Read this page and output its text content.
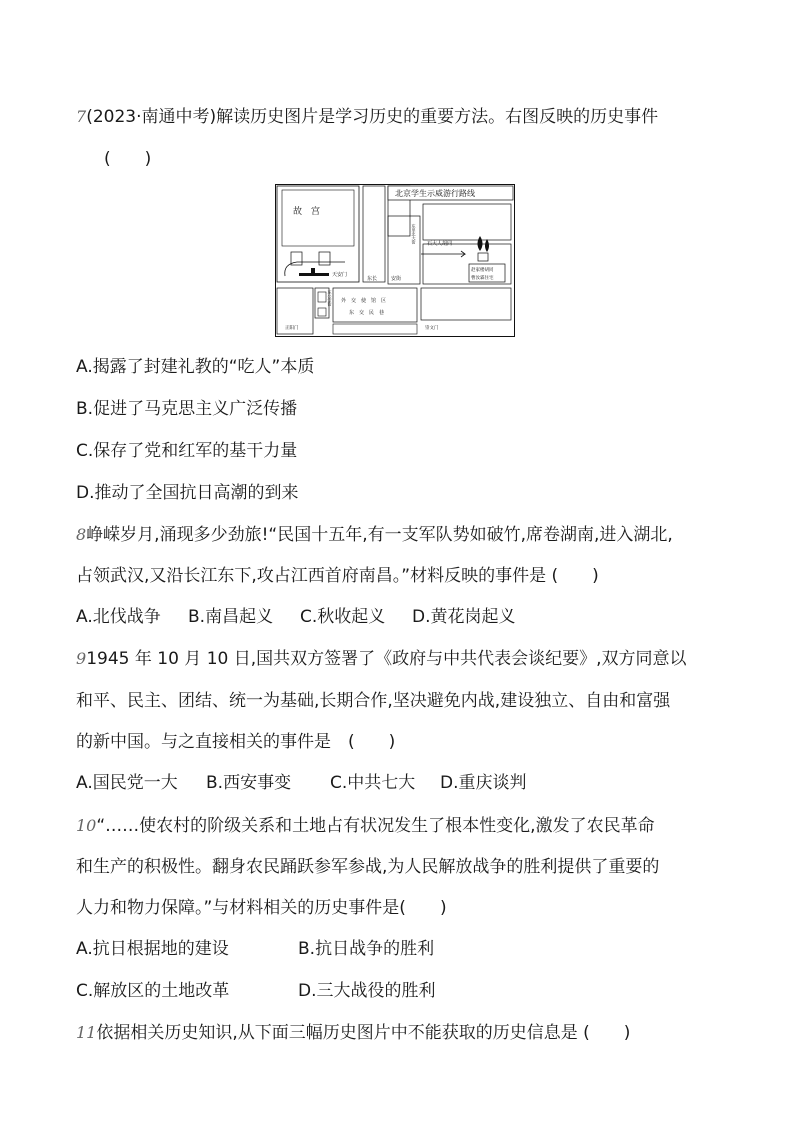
7(2023·南通中考)解读历史图片是学习历史的重要方法。右图反映的历史事件
(　　)
故　宫
天安门
东长	安街
北京学生示威游行路线
东单北大街 石大人胡同
赵家楼胡同
曹汝霖住宅
东公安街 外　交　使　馆　区
东　交　民　巷
正阳门	崇文门
A.揭露了封建礼教的“吃人”本质
B.促进了马克思主义广泛传播
C.保存了党和红军的基干力量
D.推动了全国抗日高潮的到来
8峥嵘岁月,涌现多少劲旅!“民国十五年,有一支军队势如破竹,席卷湖南,进入湖北,
占领武汉,又沿长江东下,攻占江西首府南昌。”材料反映的事件是 (　　)
A.北伐战争 B.南昌起义 C.秋收起义 D.黄花岗起义
91945 年 10 月 10 日,国共双方签署了《政府与中共代表会谈纪要》,双方同意以
和平、民主、团结、统一为基础,长期合作,坚决避免内战,建设独立、自由和富强
的新中国。与之直接相关的事件是　(　　)
A.国民党一大 B.西安事变 C.中共七大 D.重庆谈判
10“……使农村的阶级关系和土地占有状况发生了根本性变化,激发了农民革命
和生产的积极性。翻身农民踊跃参军参战,为人民解放战争的胜利提供了重要的
人力和物力保障。”与材料相关的历史事件是(　　)
A.抗日根据地的建设	B.抗日战争的胜利
C.解放区的土地改革	D.三大战役的胜利
11依据相关历史知识,从下面三幅历史图片中不能获取的历史信息是 (　　)
